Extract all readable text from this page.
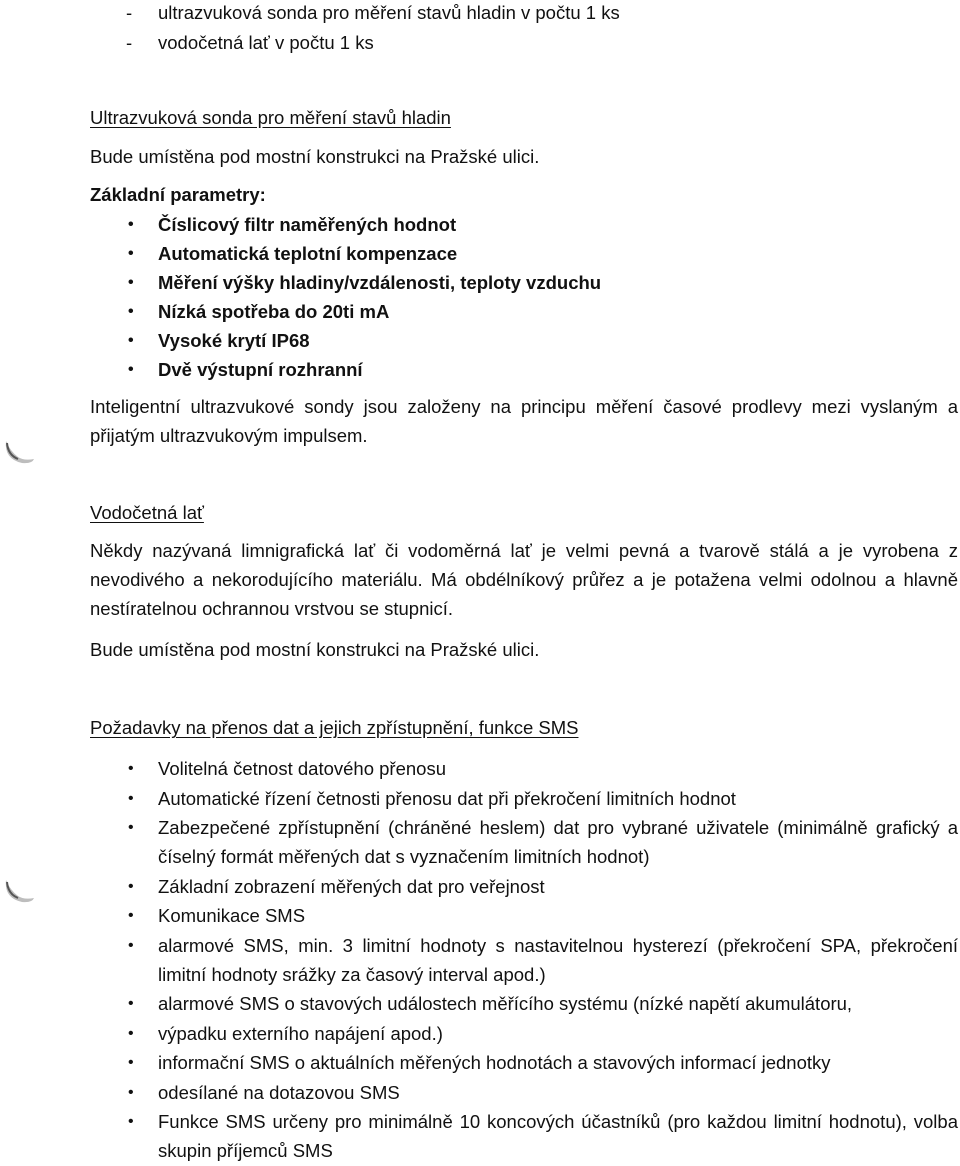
- ultrazvuková sonda pro měření stavů hladin v počtu 1 ks
- vodočetná lať v počtu 1 ks
Ultrazvuková sonda pro měření stavů hladin
Bude umístěna pod mostní konstrukci na Pražské ulici.
Základní parametry:
• Číslicový filtr naměřených hodnot
• Automatická teplotní kompenzace
• Měření výšky hladiny/vzdálenosti, teploty vzduchu
• Nízká spotřeba do 20ti mA
• Vysoké krytí IP68
• Dvě výstupní rozhranní
Inteligentní ultrazvukové sondy jsou založeny na principu měření časové prodlevy mezi vyslaným a přijatým ultrazvukovým impulsem.
Vodočetná lať
Někdy nazývaná limnigrafická lať či vodoměrná lať je velmi pevná a tvarově stálá a je vyrobena z nevodivého a nekorodujícího materiálu. Má obdélníkový průřez a je potažena velmi odolnou a hlavně nestíratelnou ochrannou vrstvou se stupnicí.
Bude umístěna pod mostní konstrukci na Pražské ulici.
Požadavky na přenos dat a jejich zpřístupnění, funkce SMS
• Volitelná četnost datového přenosu
• Automatické řízení četnosti přenosu dat při překročení limitních hodnot
• Zabezpečené zpřístupnění (chráněné heslem) dat pro vybrané uživatele (minimálně grafický a číselný formát měřených dat s vyznačením limitních hodnot)
• Základní zobrazení měřených dat pro veřejnost
• Komunikace SMS
• alarmové SMS, min. 3 limitní hodnoty s nastavitelnou hysterezí (překročení SPA, překročení limitní hodnoty srážky za časový interval apod.)
• alarmové SMS o stavových událostech měřícího systému (nízké napětí akumulátoru,
• výpadku externího napájení apod.)
• informační SMS o aktuálních měřených hodnotách a stavových informací jednotky
• odesílané na dotazovou SMS
• Funkce SMS určeny pro minimálně 10 koncových účastníků (pro každou limitní hodnotu), volba skupin příjemců SMS
